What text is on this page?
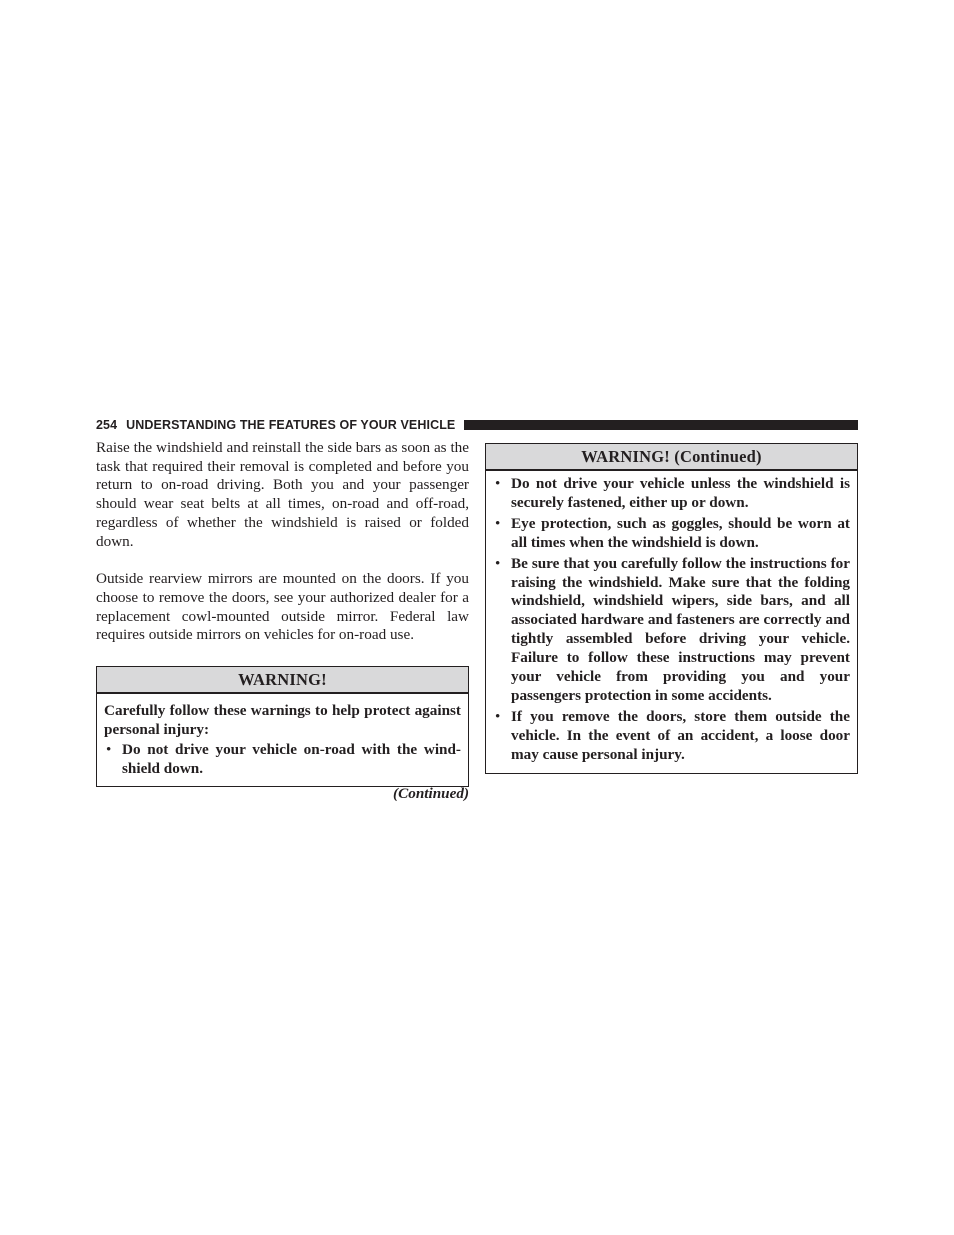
254 UNDERSTANDING THE FEATURES OF YOUR VEHICLE

Raise the windshield and reinstall the side bars as soon as the task that required their removal is completed and before you return to on-road driving. Both you and your passenger should wear seat belts at all times, on-road and off-road, regardless of whether the windshield is raised or folded down.

Outside rearview mirrors are mounted on the doors. If you choose to remove the doors, see your authorized dealer for a replacement cowl-mounted outside mirror. Federal law requires outside mirrors on vehicles for on-road use.

WARNING!

Carefully follow these warnings to help protect against personal injury:

• Do not drive your vehicle on-road with the wind-shield down.
(Continued)
WARNING! (Continued)
• Do not drive your vehicle unless the windshield is securely fastened, either up or down.
• Eye protection, such as goggles, should be worn at all times when the windshield is down.
• Be sure that you carefully follow the instructions for raising the windshield. Make sure that the folding windshield, windshield wipers, side bars, and all associated hardware and fasteners are correctly and tightly assembled before driving your vehicle. Failure to follow these instructions may prevent your vehicle from providing you and your passengers protection in some accidents.
• If you remove the doors, store them outside the vehicle. In the event of an accident, a loose door may cause personal injury.
